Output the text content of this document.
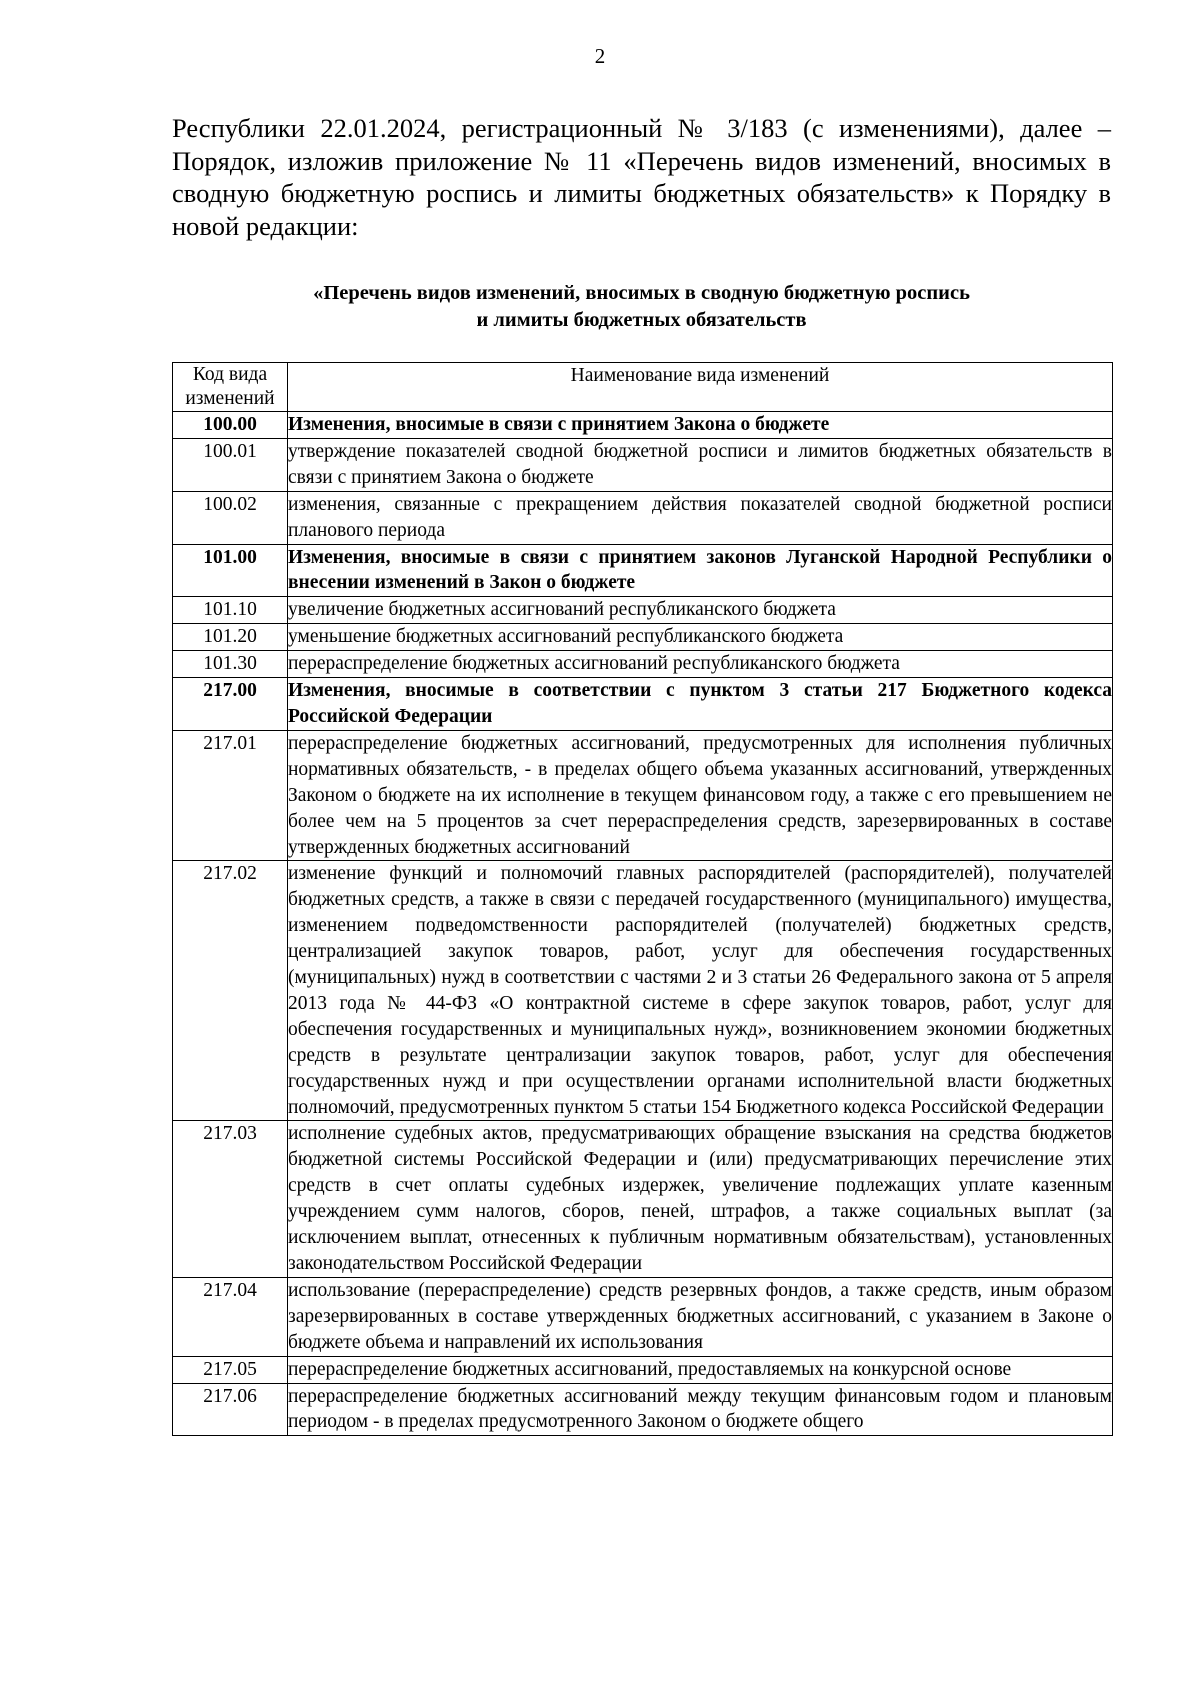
2

Республики 22.01.2024, регистрационный № 3/183 (с изменениями), далее – Порядок, изложив приложение № 11 «Перечень видов изменений, вносимых в сводную бюджетную роспись и лимиты бюджетных обязательств» к Порядку в новой редакции:

«Перечень видов изменений, вносимых в сводную бюджетную роспись
и лимиты бюджетных обязательств
Код вида изменений	Наименование вида изменений
100.00	Изменения, вносимые в связи с принятием Закона о бюджете
100.01	утверждение показателей сводной бюджетной росписи и лимитов бюджетных обязательств в связи с принятием Закона о бюджете
100.02	изменения, связанные с прекращением действия показателей сводной бюджетной росписи планового периода
101.00	Изменения, вносимые в связи с принятием законов Луганской Народной Республики о внесении изменений в Закон о бюджете
101.10	увеличение бюджетных ассигнований республиканского бюджета
101.20	уменьшение бюджетных ассигнований республиканского бюджета
101.30	перераспределение бюджетных ассигнований республиканского бюджета
217.00	Изменения, вносимые в соответствии с пунктом 3 статьи 217 Бюджетного кодекса Российской Федерации
217.01	перераспределение бюджетных ассигнований, предусмотренных для исполнения публичных нормативных обязательств, - в пределах общего объема указанных ассигнований, утвержденных Законом о бюджете на их исполнение в текущем финансовом году, а также с его превышением не более чем на 5 процентов за счет перераспределения средств, зарезервированных в составе утвержденных бюджетных ассигнований
217.02	изменение функций и полномочий главных распорядителей (распорядителей), получателей бюджетных средств, а также в связи с передачей государственного (муниципального) имущества, изменением подведомственности распорядителей (получателей) бюджетных средств, централизацией закупок товаров, работ, услуг для обеспечения государственных (муниципальных) нужд в соответствии с частями 2 и 3 статьи 26 Федерального закона от 5 апреля 2013 года № 44-ФЗ «О контрактной системе в сфере закупок товаров, работ, услуг для обеспечения государственных и муниципальных нужд», возникновением экономии бюджетных средств в результате централизации закупок товаров, работ, услуг для обеспечения государственных нужд и при осуществлении органами исполнительной власти бюджетных полномочий, предусмотренных пунктом 5 статьи 154 Бюджетного кодекса Российской Федерации
217.03	исполнение судебных актов, предусматривающих обращение взыскания на средства бюджетов бюджетной системы Российской Федерации и (или) предусматривающих перечисление этих средств в счет оплаты судебных издержек, увеличение подлежащих уплате казенным учреждением сумм налогов, сборов, пеней, штрафов, а также социальных выплат (за исключением выплат, отнесенных к публичным нормативным обязательствам), установленных законодательством Российской Федерации
217.04	использование (перераспределение) средств резервных фондов, а также средств, иным образом зарезервированных в составе утвержденных бюджетных ассигнований, с указанием в Законе о бюджете объема и направлений их использования
217.05	перераспределение бюджетных ассигнований, предоставляемых на конкурсной основе
217.06	перераспределение бюджетных ассигнований между текущим финансовым годом и плановым периодом - в пределах предусмотренного Законом о бюджете общего
